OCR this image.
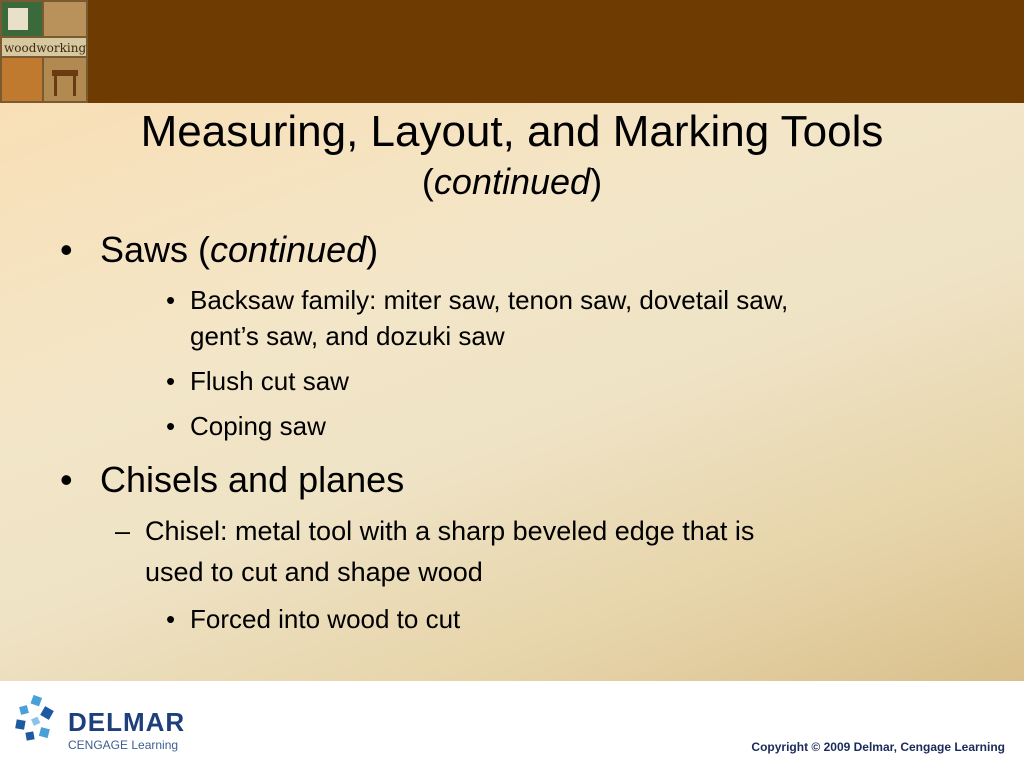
woodworking
Measuring, Layout, and Marking Tools
(continued)
• Saws (continued)
• Backsaw family: miter saw, tenon saw, dovetail saw,
gent’s saw, and dozuki saw
• Flush cut saw
• Coping saw
• Chisels and planes
– Chisel: metal tool with a sharp beveled edge that is
used to cut and shape wood
• Forced into wood to cut
DELMAR
CENGAGE Learning	Copyright © 2009 Delmar, Cengage Learning
